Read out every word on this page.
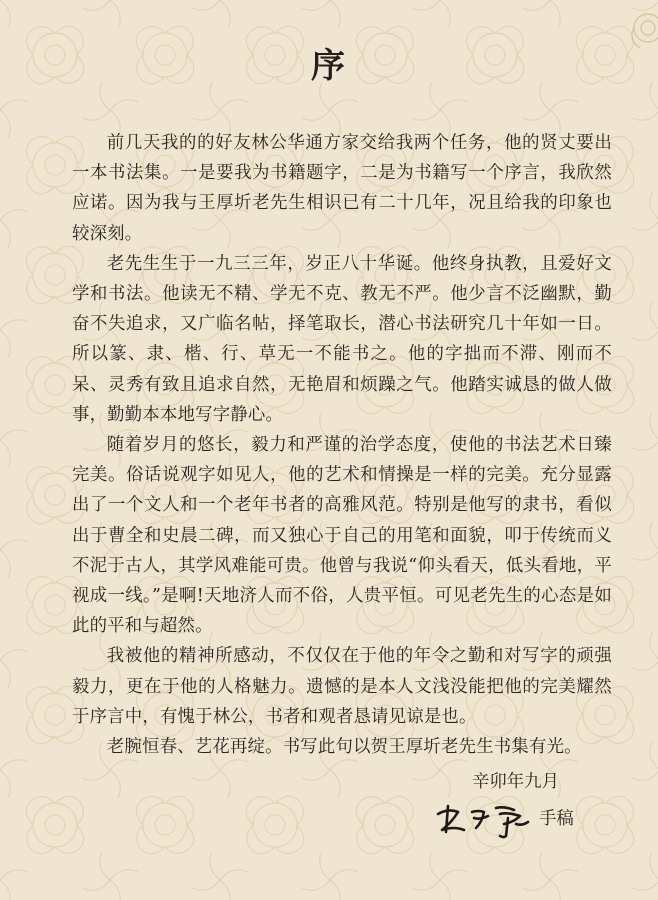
序

前几天我的的好友林公华通方家交给我两个任务，他的贤丈要出一本书法集。一是要我为书籍题字，二是为书籍写一个序言，我欣然应诺。因为我与王厚圻老先生相识已有二十几年，况且给我的印象也较深刻。

老先生生于一九三三年，岁正八十华诞。他终身执教，且爱好文学和书法。他读无不精、学无不克、教无不严。他少言不泛幽默，勤奋不失追求，又广临名帖，择笔取长，潜心书法研究几十年如一日。所以篆、隶、楷、行、草无一不能书之。他的字拙而不滞、刚而不呆、灵秀有致且追求自然，无艳眉和烦躁之气。他踏实诚恳的做人做事，勤勤本本地写字静心。

随着岁月的悠长，毅力和严谨的治学态度，使他的书法艺术日臻完美。俗话说观字如见人，他的艺术和情操是一样的完美。充分显露出了一个文人和一个老年书者的高雅风范。特别是他写的隶书，看似出于曹全和史晨二碑，而又独心于自己的用笔和面貌，叩于传统而义不泥于古人，其学风难能可贵。他曾与我说“仰头看天，低头看地，平视成一线。”是啊!天地济人而不俗，人贵平恒。可见老先生的心态是如此的平和与超然。

我被他的精神所感动，不仅仅在于他的年令之勤和对写字的顽强毅力，更在于他的人格魅力。遗憾的是本人文浅没能把他的完美耀然于序言中，有愧于林公，书者和观者恳请见谅是也。

老腕恒春、艺花再绽。书写此句以贺王厚圻老先生书集有光。

辛卯年九月
手稿
